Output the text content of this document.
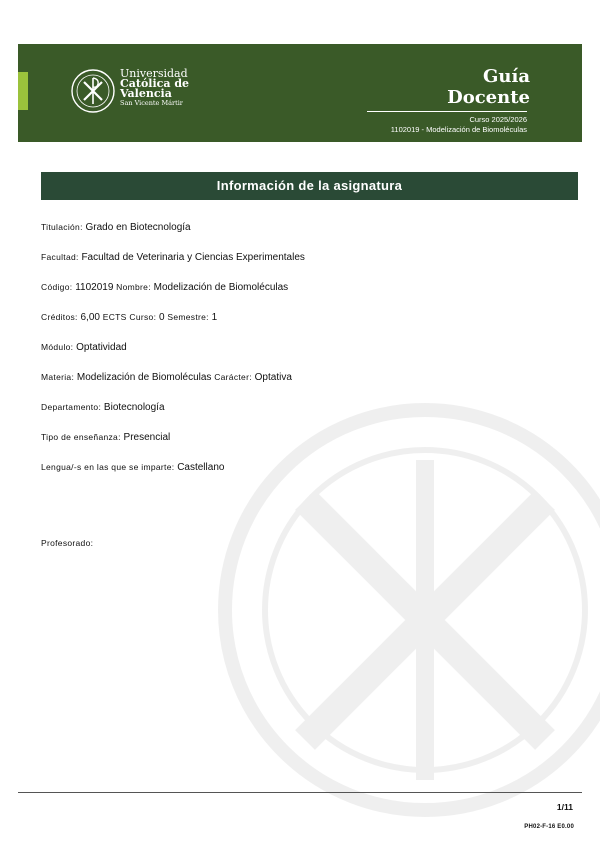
Universidad
Católica de
Valencia
San Vicente Mártir
Guía
Docente
Curso 2025/2026
1102019 - Modelización de Biomoléculas
Información de la asignatura
Titulación: Grado en Biotecnología
Facultad: Facultad de Veterinaria y Ciencias Experimentales
Código: 1102019 Nombre: Modelización de Biomoléculas
Créditos: 6,00 ECTS Curso: 0 Semestre: 1
Módulo: Optatividad
Materia: Modelización de Biomoléculas Carácter: Optativa
Departamento: Biotecnología
Tipo de enseñanza: Presencial
Lengua/-s en las que se imparte: Castellano
Profesorado:
1/11
PH02-F-16 E0.00
